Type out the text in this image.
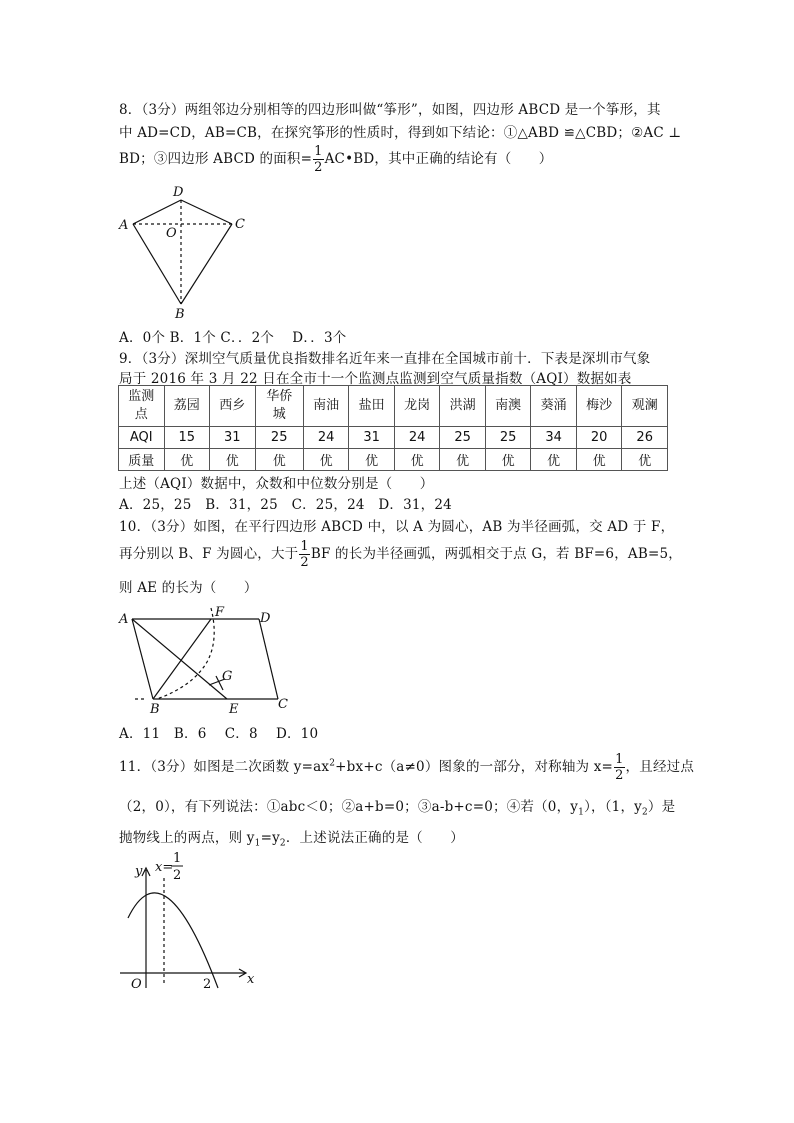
8．（3分）两组邻边分别相等的四边形叫做“筝形”，如图，四边形 ABCD 是一个筝形，其
中 AD=CD，AB=CB，在探究筝形的性质时，得到如下结论：①△ABD ≌△CBD；②AC ⊥
BD；③四边形 ABCD 的面积= $\frac{1}{2}$ AC•BD，其中正确的结论有（　　）
A
D
C
O
B
A．0个 B．1个 C．．2个　 D．．3个
9．（3分）深圳空气质量优良指数排名近年来一直排在全国城市前十．下表是深圳市气象
局于 2016 年 3 月 22 日在全市十一个监测点监测到空气质量指数（AQI）数据如表
监测
点	荔园	西乡	华侨城	南油	盐田	龙岗	洪湖	南澳	葵涌	梅沙	观澜
AQI	15	31	25	24	31	24	25	25	34	20	26
质量	优	优	优	优	优	优	优	优	优	优	优
上述（AQI）数据中，众数和中位数分别是（　　）
A．25，25　B．31，25　C．25，24　D．31，24
10．（3分）如图，在平行四边形 ABCD 中，以 A 为圆心，AB 为半径画弧，交 AD 于 F，
再分别以 B、F 为圆心，大于 $\frac{1}{2}$ BF 的长为半径画弧，两弧相交于点 G，若 BF=6，AB=5，
则 AE 的长为（　　）
A	F	D
G
B	E	C
A．11　B．6　 C．8　 D．10
11．（3分）如图是二次函数 $y=ax^2+bx+c(a\ne 0)$图象的一部分，对称轴为 $x= \frac{1}{2}$ ，且经过点
（2，0），有下列说法：①abc＜0；②a+b=0；③a-b+c=0；④若（0，$y_1$），（1，$y_2$）是
抛物线上的两点，则 $y_1=y_2$．上述说法正确的是（　　）
y x=
1
2
x
O	2
